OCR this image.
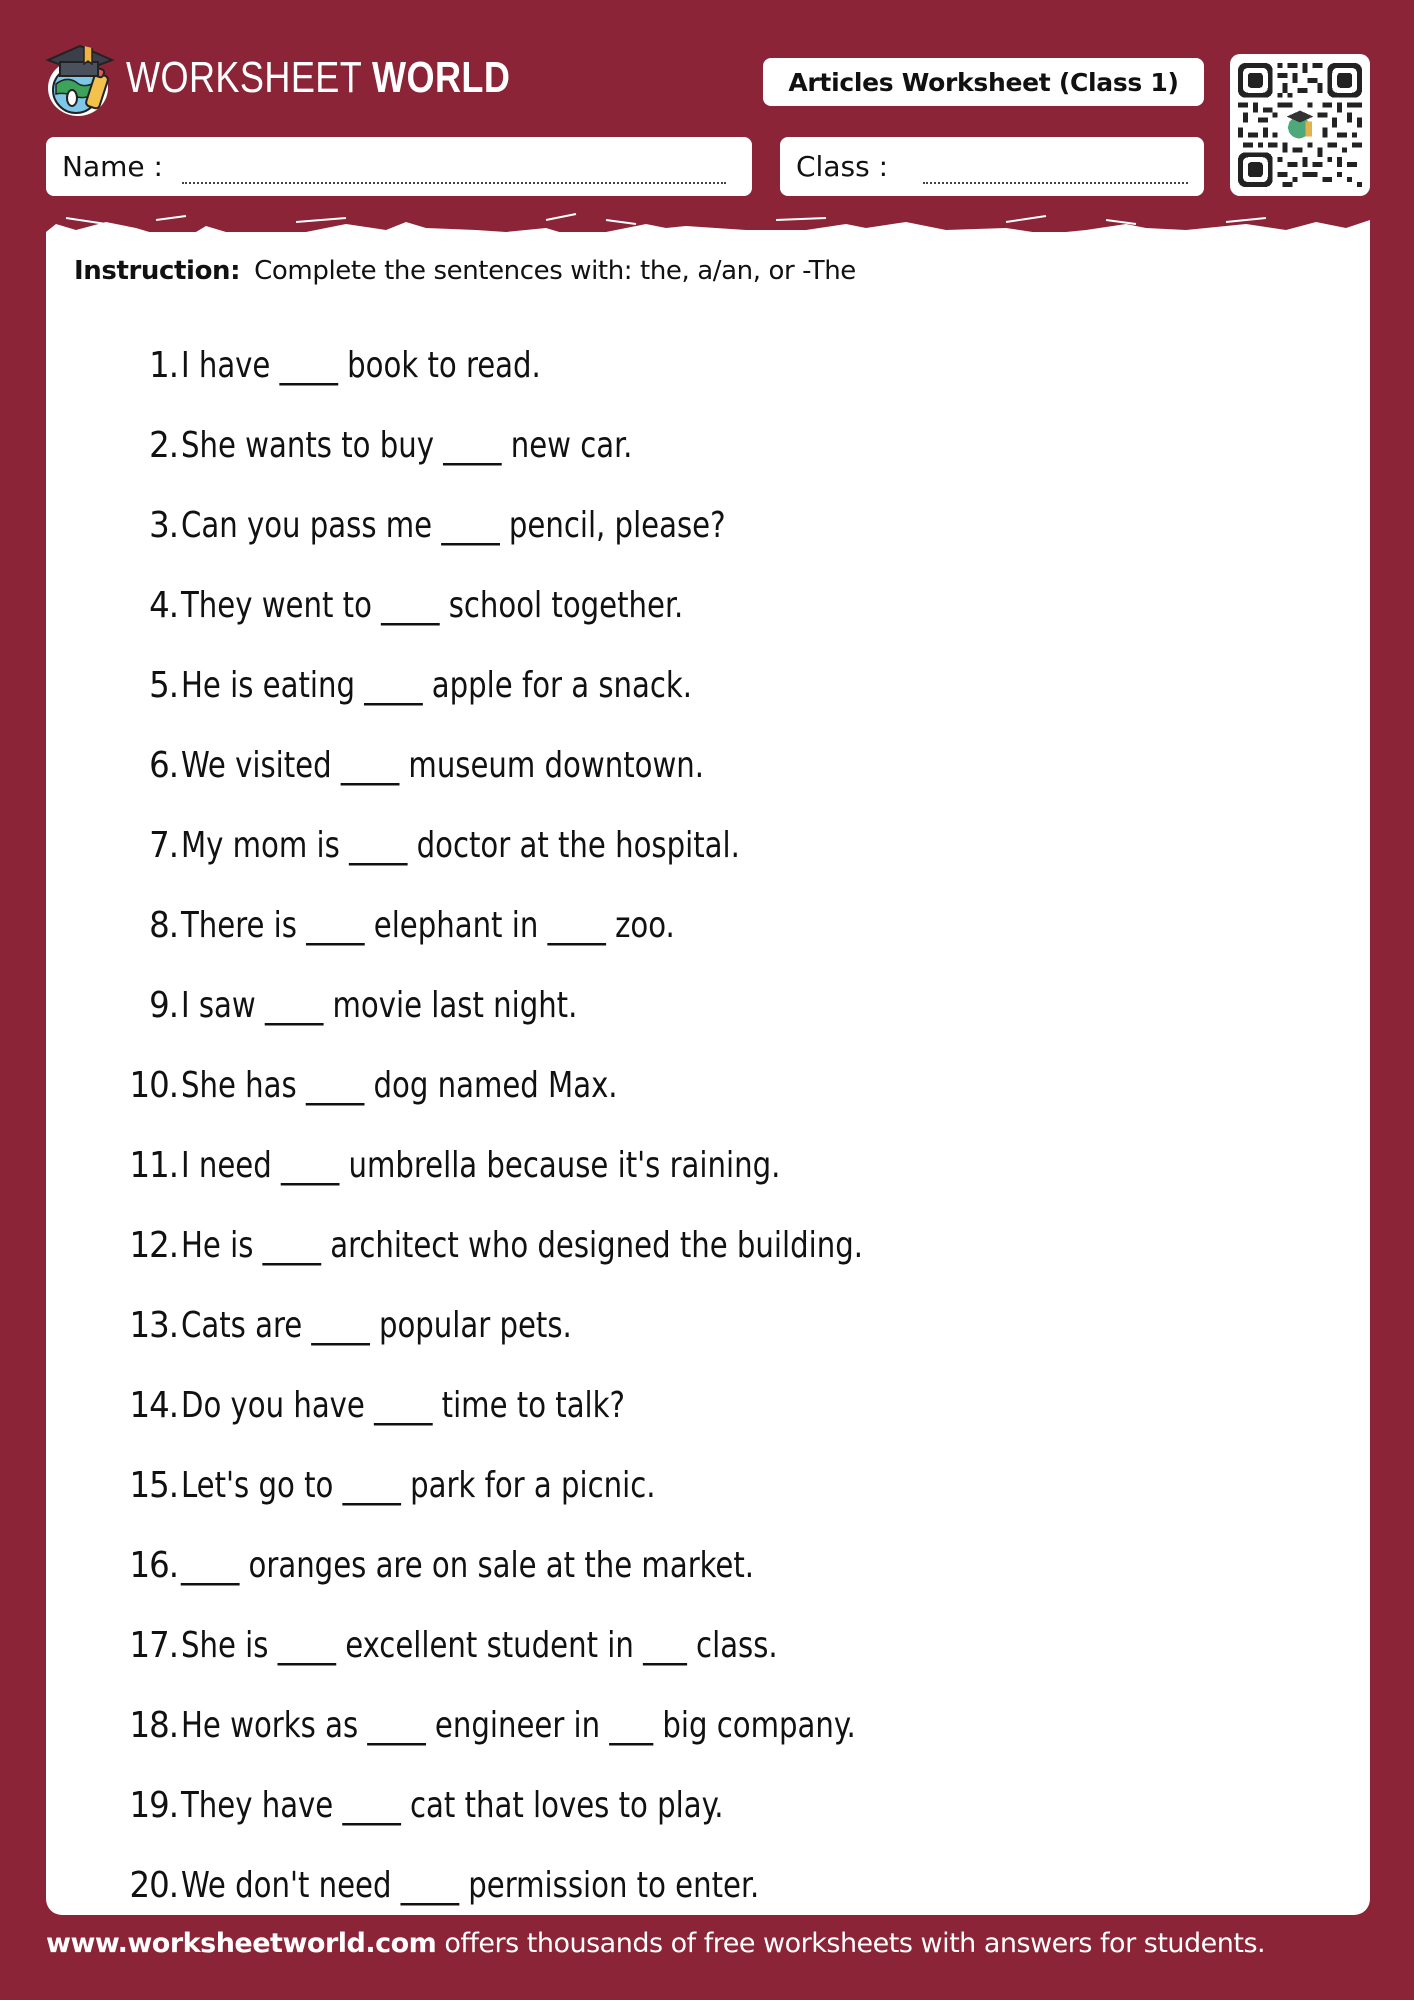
WORKSHEET WORLD	Articles Worksheet (Class 1)
Name :	Class :
Instruction: Complete the sentences with: the, a/an, or -The
1. I have ____ book to read.
2. She wants to buy ____ new car.
3. Can you pass me ____ pencil, please?
4. They went to ____ school together.
5. He is eating ____ apple for a snack.
6. We visited ____ museum downtown.
7. My mom is ____ doctor at the hospital.
8. There is ____ elephant in ____ zoo.
9. I saw ____ movie last night.
10. She has ____ dog named Max.
11. I need ____ umbrella because it's raining.
12. He is ____ architect who designed the building.
13. Cats are ____ popular pets.
14. Do you have ____ time to talk?
15. Let's go to ____ park for a picnic.
16. ____ oranges are on sale at the market.
17. She is ____ excellent student in ___ class.
18. He works as ____ engineer in ___ big company.
19. They have ____ cat that loves to play.
20. We don't need ____ permission to enter.
www.worksheetworld.com offers thousands of free worksheets with answers for students.
